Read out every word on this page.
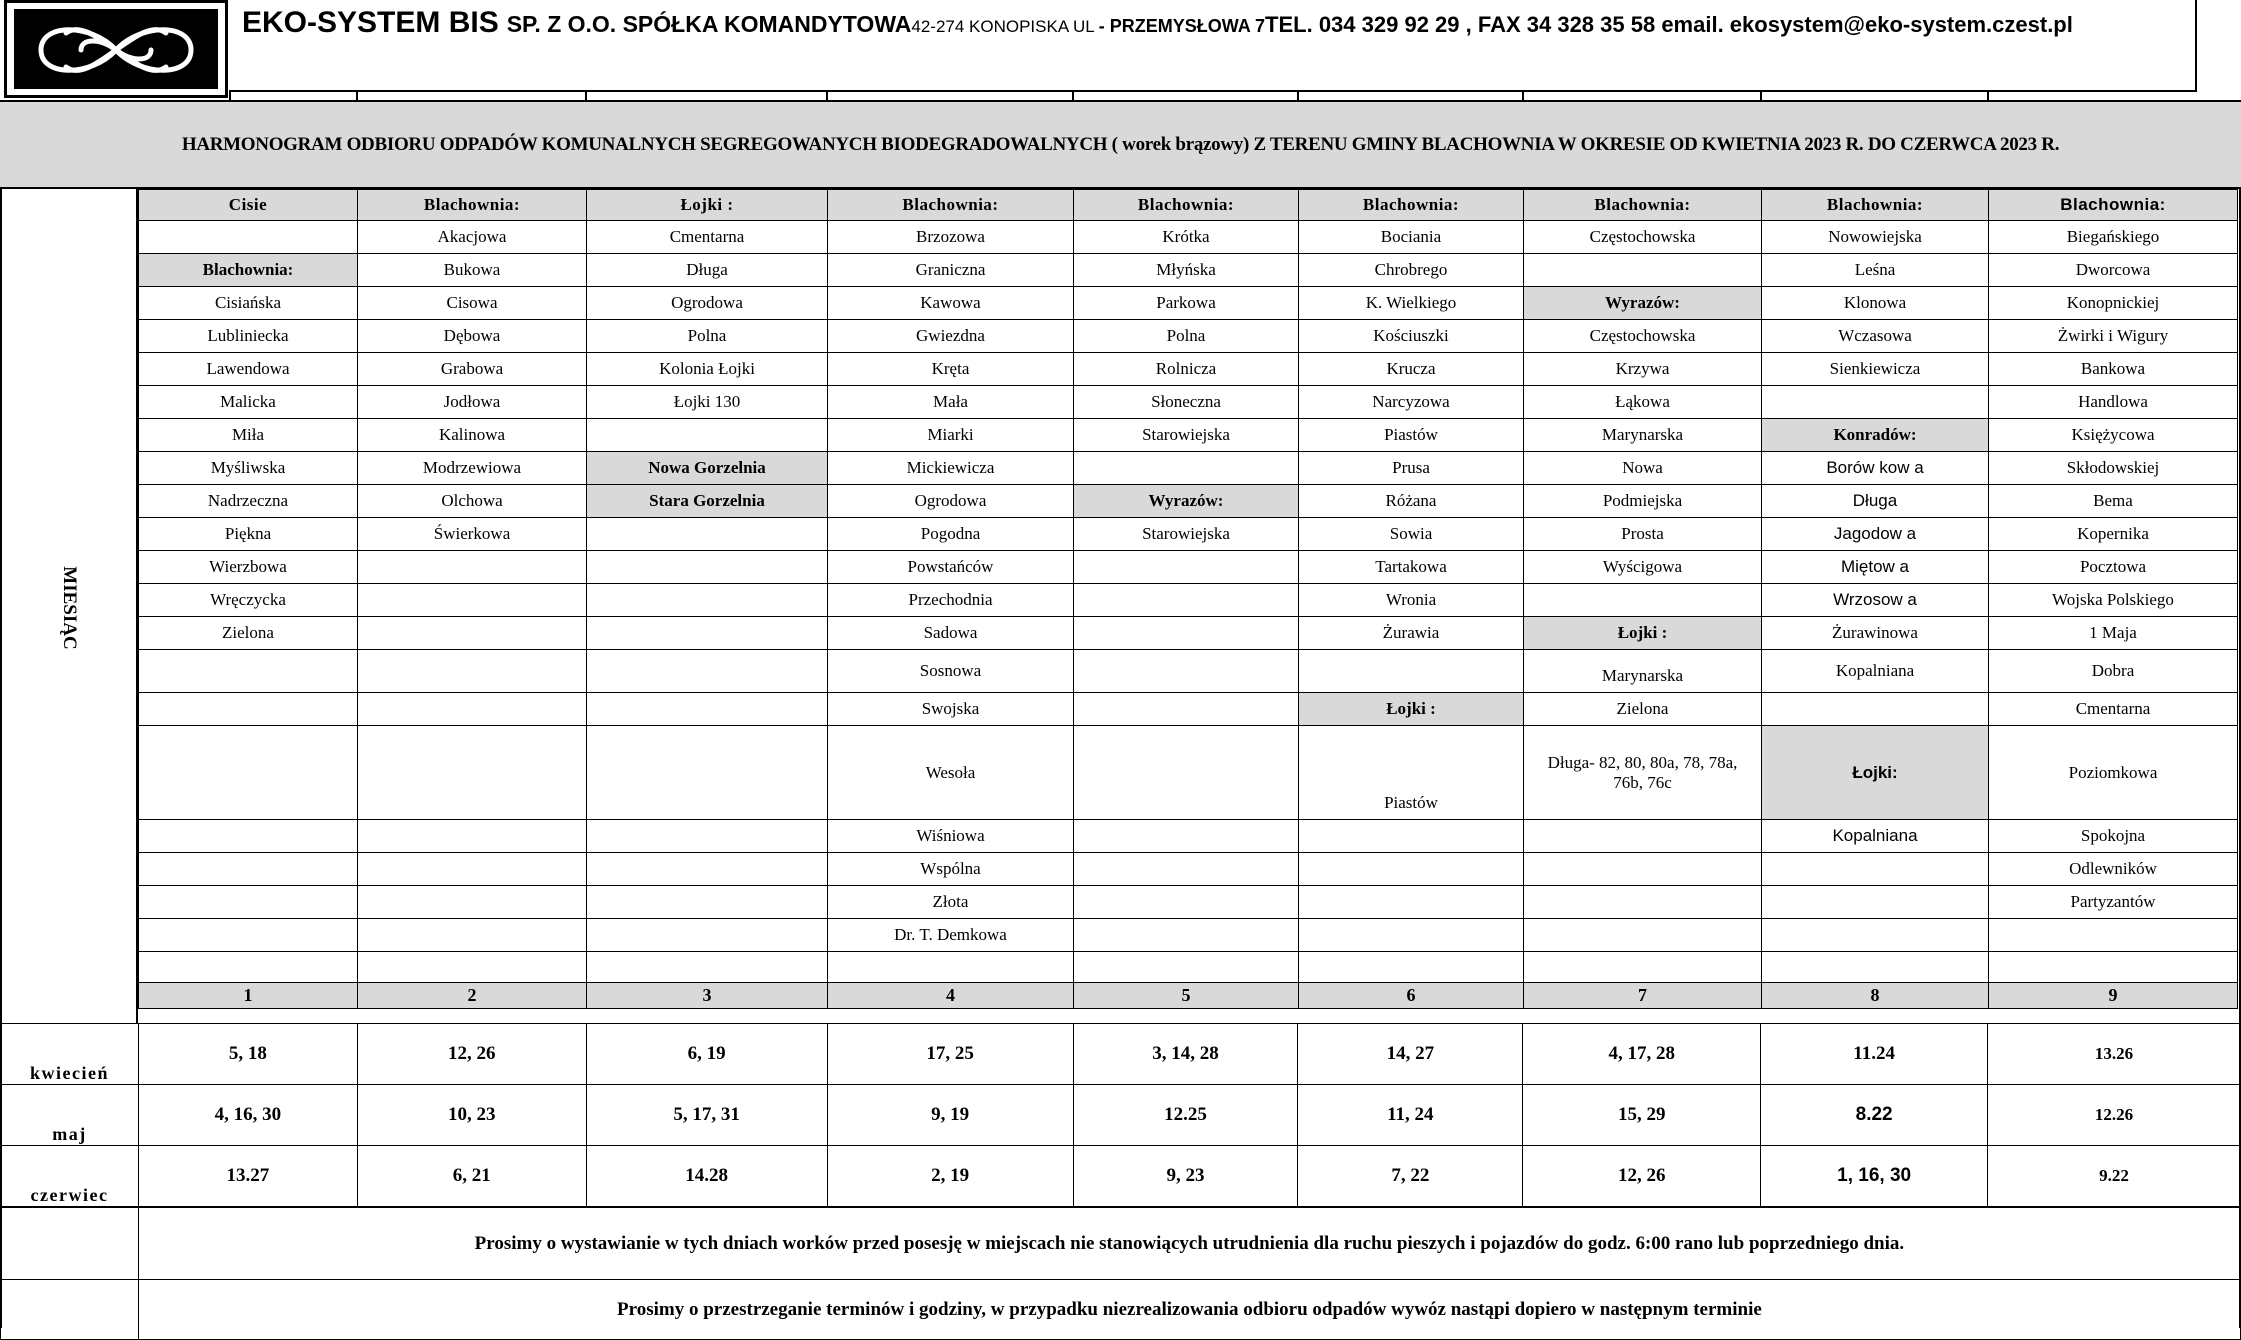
EKO-SYSTEM BIS SP. Z O.O. SPÓŁKA KOMANDYTOWA42-274 KONOPISKA UL - PRZEMYSŁOWA 7TEL. 034 329 92 29 , FAX 34 328 35 58 email. ekosystem@eko-system.czest.pl
HARMONOGRAM ODBIORU ODPADÓW KOMUNALNYCH SEGREGOWANYCH BIODEGRADOWALNYCH ( worek brązowy) Z TERENU GMINY BLACHOWNIA W OKRESIE OD KWIETNIA 2023 R. DO CZERWCA 2023 R.
MIESIĄC
Cisie	Blachownia:	Łojki :	Blachownia:	Blachownia:	Blachownia:	Blachownia:	Blachownia:	Blachownia:
	Akacjowa	Cmentarna	Brzozowa	Krótka	Bociania	Częstochowska	Nowowiejska	Biegańskiego
Blachownia:	Bukowa	Długa	Graniczna	Młyńska	Chrobrego		Leśna	Dworcowa
Cisiańska	Cisowa	Ogrodowa	Kawowa	Parkowa	K. Wielkiego	Wyrazów:	Klonowa	Konopnickiej
Lubliniecka	Dębowa	Polna	Gwiezdna	Polna	Kościuszki	Częstochowska	Wczasowa	Żwirki i Wigury
Lawendowa	Grabowa	Kolonia Łojki	Kręta	Rolnicza	Krucza	Krzywa	Sienkiewicza	Bankowa
Malicka	Jodłowa	Łojki 130	Mała	Słoneczna	Narcyzowa	Łąkowa		Handlowa
Miła	Kalinowa		Miarki	Starowiejska	Piastów	Marynarska	Konradów:	Księżycowa
Myśliwska	Modrzewiowa	Nowa Gorzelnia	Mickiewicza		Prusa	Nowa	Borów kow a	Skłodowskiej
Nadrzeczna	Olchowa	Stara Gorzelnia	Ogrodowa	Wyrazów:	Różana	Podmiejska	Długa	Bema
Piękna	Świerkowa		Pogodna	Starowiejska	Sowia	Prosta	Jagodow a	Kopernika
Wierzbowa			Powstańców		Tartakowa	Wyścigowa	Miętow a	Pocztowa
Wręczycka			Przechodnia		Wronia		Wrzosow a	Wojska Polskiego
Zielona			Sadowa		Żurawia	Łojki :	Żurawinowa	1 Maja
			Sosnowa			Marynarska	Kopalniana	Dobra
			Swojska		Łojki :	Zielona		Cmentarna
			Wesoła		Piastów	Długa- 82, 80, 80a, 78, 78a, 76b, 76c	Łojki:	Poziomkowa
			Wiśniowa				Kopalniana	Spokojna
			Wspólna					Odlewników
			Złota					Partyzantów
			Dr. T. Demkowa					

1	2	3	4	5	6	7	8	9
kwiecień	5, 18	12, 26	6, 19	17, 25	3, 14, 28	14, 27	4, 17, 28	11.24	13.26
maj	4, 16, 30	10, 23	5, 17, 31	9, 19	12.25	11, 24	15, 29	8.22	12.26
czerwiec	13.27	6, 21	14.28	2, 19	9, 23	7, 22	12, 26	1, 16, 30	9.22
	Prosimy o wystawianie w tych dniach worków przed posesję w miejscach nie stanowiących utrudnienia dla ruchu pieszych i pojazdów do godz. 6:00 rano lub poprzedniego dnia.
	Prosimy o przestrzeganie terminów i godziny, w przypadku niezrealizowania odbioru odpadów wywóz nastąpi dopiero w następnym terminie
